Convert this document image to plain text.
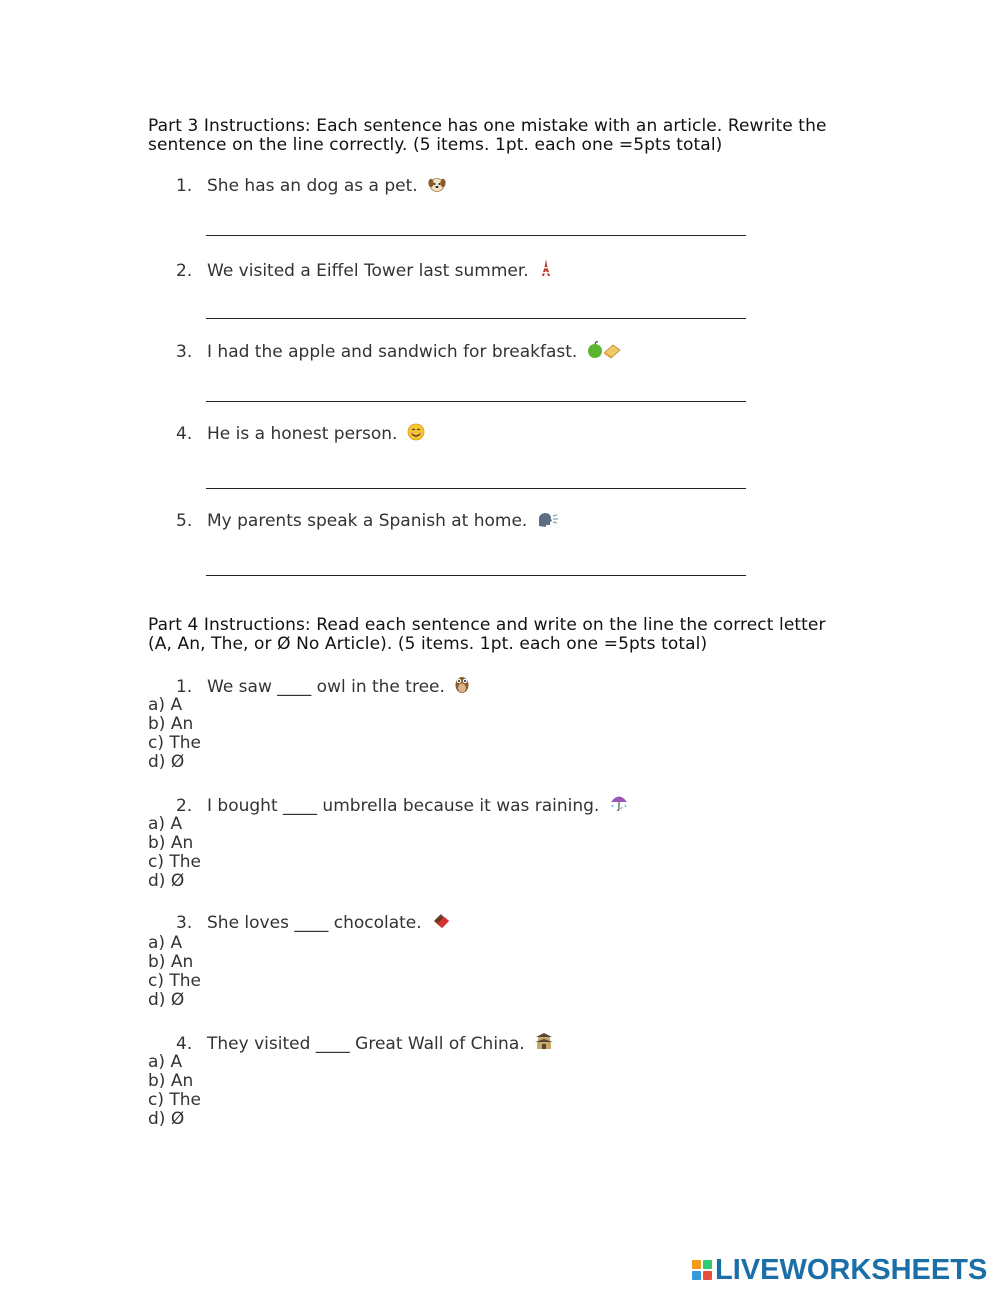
Part 3 Instructions: Each sentence has one mistake with an article. Rewrite the sentence on the line correctly. (5 items. 1pt. each one =5pts total)
1. She has an dog as a pet.
2. We visited a Eiffel Tower last summer.
3. I had the apple and sandwich for breakfast.
4. He is a honest person.
5. My parents speak a Spanish at home.
Part 4 Instructions: Read each sentence and write on the line the correct letter (A, An, The, or Ø No Article). (5 items. 1pt. each one =5pts total)
1. We saw ____ owl in the tree.
a) A
b) An
c) The
d) Ø
2. I bought ____ umbrella because it was raining.
a) A
b) An
c) The
d) Ø
3. She loves ____ chocolate.
a) A
b) An
c) The
d) Ø
4. They visited ____ Great Wall of China.
a) A
b) An
c) The
d) Ø
LIVEWORKSHEETS
